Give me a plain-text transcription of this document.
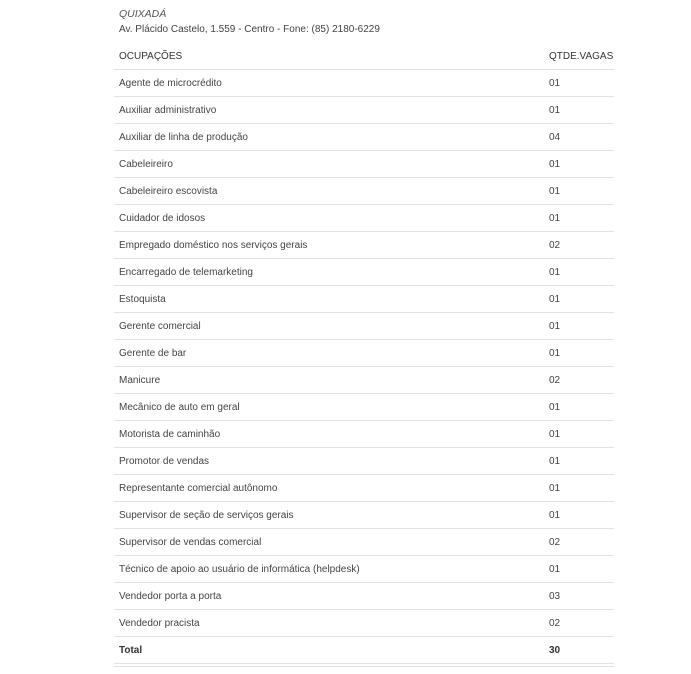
QUIXADÁ
Av. Plácido Castelo, 1.559 - Centro - Fone: (85) 2180-6229
OCUPAÇÕES	QTDE.VAGAS
Agente de microcrédito	01
Auxiliar administrativo	01
Auxiliar de linha de produção	04
Cabeleireiro	01
Cabeleireiro escovista	01
Cuidador de idosos	01
Empregado doméstico nos serviços gerais	02
Encarregado de telemarketing	01
Estoquista	01
Gerente comercial	01
Gerente de bar	01
Manicure	02
Mecânico de auto em geral	01
Motorista de caminhão	01
Promotor de vendas	01
Representante comercial autônomo	01
Supervisor de seção de serviços gerais	01
Supervisor de vendas comercial	02
Técnico de apoio ao usuário de informática (helpdesk)	01
Vendedor porta a porta	03
Vendedor pracista	02
Total	30
